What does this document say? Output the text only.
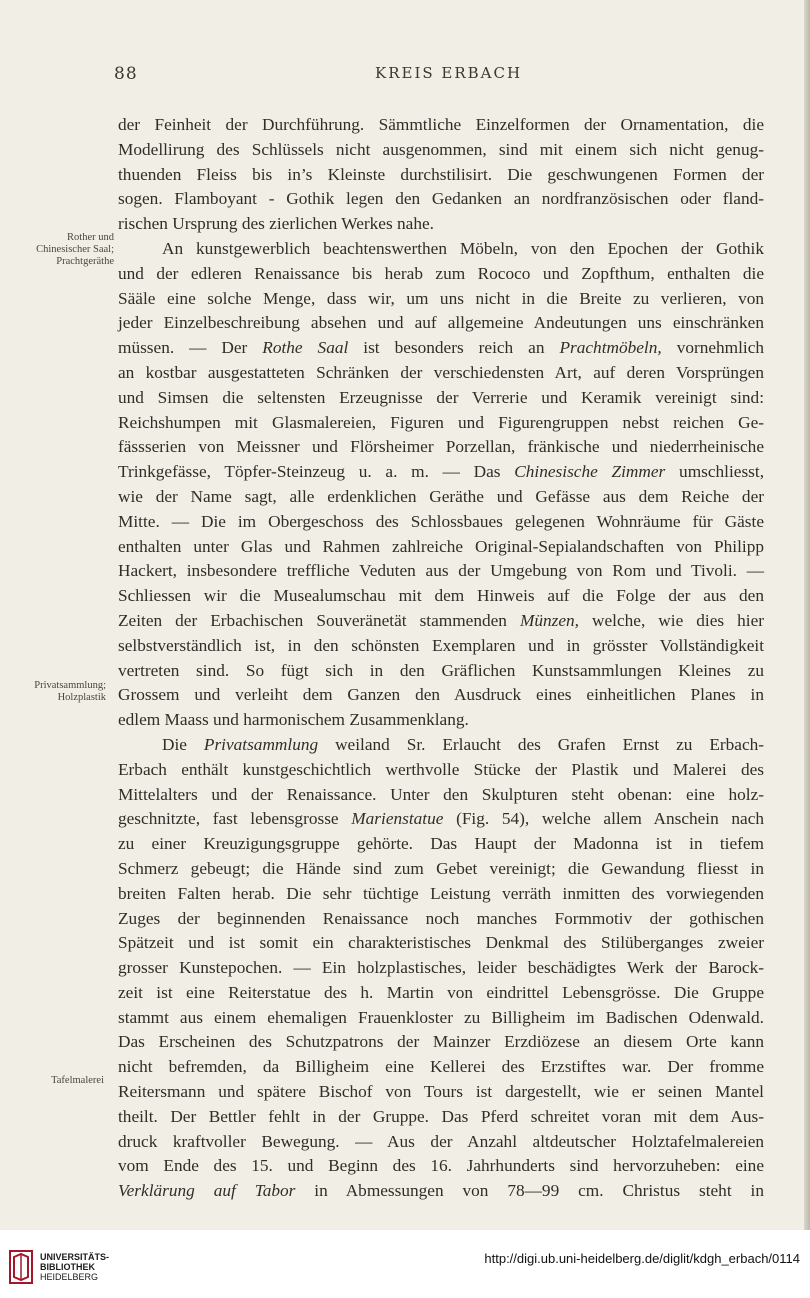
88	KREIS ERBACH
Rother und
Chinesischer Saal;
Prachtgeräthe
Privatsammlung;
Holzplastik
Tafelmalerei
der Feinheit der Durchführung. Sämmtliche Einzelformen der Ornamentation, die
Modellirung des Schlüssels nicht ausgenommen, sind mit einem sich nicht genug-
thuenden Fleiss bis in’s Kleinste durchstilisirt. Die geschwungenen Formen der
sogen. Flamboyant - Gothik legen den Gedanken an nordfranzösischen oder fland-
rischen Ursprung des zierlichen Werkes nahe.
An kunstgewerblich beachtenswerthen Möbeln, von den Epochen der Gothik
und der edleren Renaissance bis herab zum Rococo und Zopfthum, enthalten die
Sääle eine solche Menge, dass wir, um uns nicht in die Breite zu verlieren, von
jeder Einzelbeschreibung absehen und auf allgemeine Andeutungen uns einschränken
müssen. — Der Rothe Saal ist besonders reich an Prachtmöbeln, vornehmlich
an kostbar ausgestatteten Schränken der verschiedensten Art, auf deren Vorsprüngen
und Simsen die seltensten Erzeugnisse der Verrerie und Keramik vereinigt sind:
Reichshumpen mit Glasmalereien, Figuren und Figurengruppen nebst reichen Ge-
fässserien von Meissner und Flörsheimer Porzellan, fränkische und niederrheinische
Trinkgefässe, Töpfer-Steinzeug u. a. m. — Das Chinesische Zimmer umschliesst,
wie der Name sagt, alle erdenklichen Geräthe und Gefässe aus dem Reiche der
Mitte. — Die im Obergeschoss des Schlossbaues gelegenen Wohnräume für Gäste
enthalten unter Glas und Rahmen zahlreiche Original-Sepialandschaften von Philipp
Hackert, insbesondere treffliche Veduten aus der Umgebung von Rom und Tivoli. —
Schliessen wir die Musealumschau mit dem Hinweis auf die Folge der aus den
Zeiten der Erbachischen Souveränetät stammenden Münzen, welche, wie dies hier
selbstverständlich ist, in den schönsten Exemplaren und in grösster Vollständigkeit
vertreten sind. So fügt sich in den Gräflichen Kunstsammlungen Kleines zu
Grossem und verleiht dem Ganzen den Ausdruck eines einheitlichen Planes in
edlem Maass und harmonischem Zusammenklang.
Die Privatsammlung weiland Sr. Erlaucht des Grafen Ernst zu Erbach-
Erbach enthält kunstgeschichtlich werthvolle Stücke der Plastik und Malerei des
Mittelalters und der Renaissance. Unter den Skulpturen steht obenan: eine holz-
geschnitzte, fast lebensgrosse Marienstatue (Fig. 54), welche allem Anschein nach
zu einer Kreuzigungsgruppe gehörte. Das Haupt der Madonna ist in tiefem
Schmerz gebeugt; die Hände sind zum Gebet vereinigt; die Gewandung fliesst in
breiten Falten herab. Die sehr tüchtige Leistung verräth inmitten des vorwiegenden
Zuges der beginnenden Renaissance noch manches Formmotiv der gothischen
Spätzeit und ist somit ein charakteristisches Denkmal des Stilüberganges zweier
grosser Kunstepochen. — Ein holzplastisches, leider beschädigtes Werk der Barock-
zeit ist eine Reiterstatue des h. Martin von eindrittel Lebensgrösse. Die Gruppe
stammt aus einem ehemaligen Frauenkloster zu Billigheim im Badischen Odenwald.
Das Erscheinen des Schutzpatrons der Mainzer Erzdiözese an diesem Orte kann
nicht befremden, da Billigheim eine Kellerei des Erzstiftes war. Der fromme
Reitersmann und spätere Bischof von Tours ist dargestellt, wie er seinen Mantel
theilt. Der Bettler fehlt in der Gruppe. Das Pferd schreitet voran mit dem Aus-
druck kraftvoller Bewegung. — Aus der Anzahl altdeutscher Holztafelmalereien
vom Ende des 15. und Beginn des 16. Jahrhunderts sind hervorzuheben: eine
Verklärung auf Tabor in Abmessungen von 78—99 cm. Christus steht in
UNIVERSITÄTS-
BIBLIOTHEK
HEIDELBERG
http://digi.ub.uni-heidelberg.de/diglit/kdgh_erbach/0114
